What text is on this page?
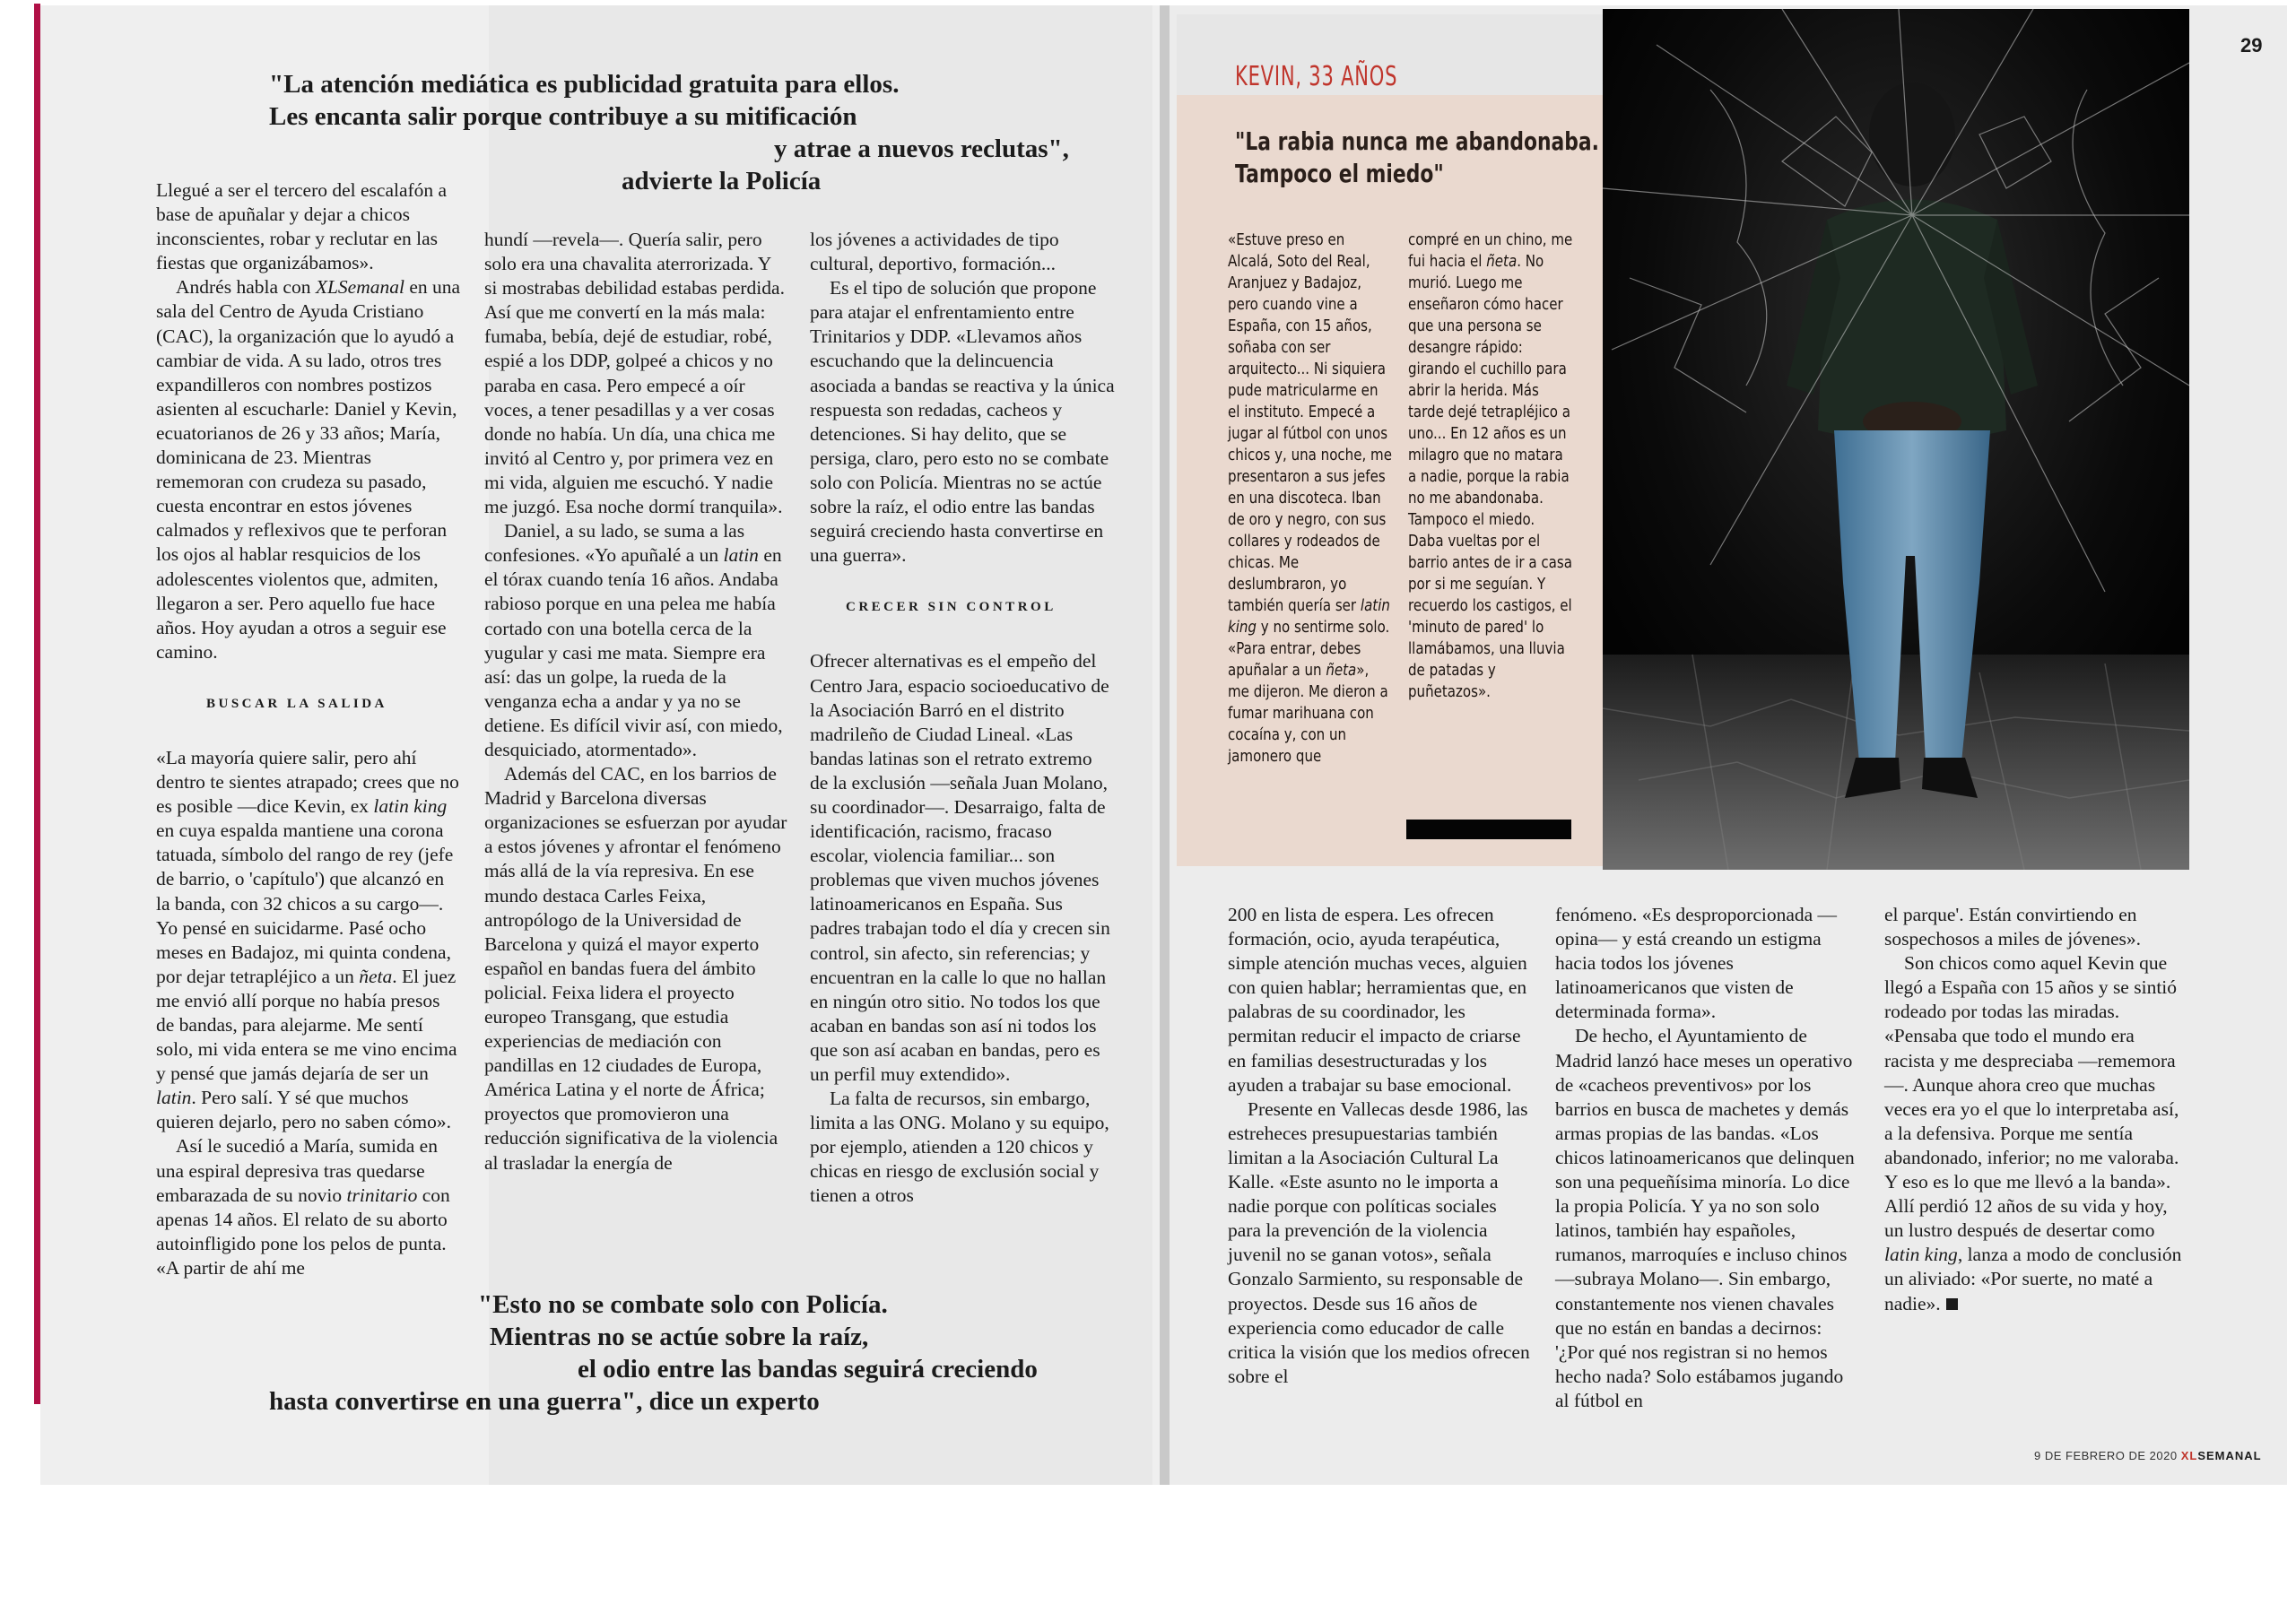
"La atención mediática es publicidad gratuita para ellos.
Les encanta salir porque contribuye a su mitificación
y atrae a nuevos reclutas",
advierte la Policía

Llegué a ser el tercero del escalafón a base de apuñalar y dejar a chicos inconscientes, robar y reclutar en las fiestas que organizábamos».

Andrés habla con XLSemanal en una sala del Centro de Ayuda Cristiano (CAC), la organización que lo ayudó a cambiar de vida. A su lado, otros tres expandilleros con nombres postizos asienten al escucharle: Daniel y Kevin, ecuatorianos de 26 y 33 años; María, dominicana de 23. Mientras rememoran con crudeza su pasado, cuesta encontrar en estos jóvenes calmados y reflexivos que te perforan los ojos al hablar resquicios de los adolescentes violentos que, admiten, llegaron a ser. Pero aquello fue hace años. Hoy ayudan a otros a seguir ese camino.

BUSCAR LA SALIDA

«La mayoría quiere salir, pero ahí dentro te sientes atrapado; crees que no es posible —dice Kevin, ex latin king en cuya espalda mantiene una corona tatuada, símbolo del rango de rey (jefe de barrio, o 'capítulo') que alcanzó en la banda, con 32 chicos a su cargo—. Yo pensé en suicidarme. Pasé ocho meses en Badajoz, mi quinta condena, por dejar tetrapléjico a un ñeta. El juez me envió allí porque no había presos de bandas, para alejarme. Me sentí solo, mi vida entera se me vino encima y pensé que jamás dejaría de ser un latin. Pero salí. Y sé que muchos quieren dejarlo, pero no saben cómo».

Así le sucedió a María, sumida en una espiral depresiva tras quedarse embarazada de su novio trinitario con apenas 14 años. El relato de su aborto autoinfligido pone los pelos de punta. «A partir de ahí me

hundí —revela—. Quería salir, pero solo era una chavalita aterrorizada. Y si mostrabas debilidad estabas perdida. Así que me convertí en la más mala: fumaba, bebía, dejé de estudiar, robé, espié a los DDP, golpeé a chicos y no paraba en casa. Pero empecé a oír voces, a tener pesadillas y a ver cosas donde no había. Un día, una chica me invitó al Centro y, por primera vez en mi vida, alguien me escuchó. Y nadie me juzgó. Esa noche dormí tranquila».

Daniel, a su lado, se suma a las confesiones. «Yo apuñalé a un latin en el tórax cuando tenía 16 años. Andaba rabioso porque en una pelea me había cortado con una botella cerca de la yugular y casi me mata. Siempre era así: das un golpe, la rueda de la venganza echa a andar y ya no se detiene. Es difícil vivir así, con miedo, desquiciado, atormentado».

Además del CAC, en los barrios de Madrid y Barcelona diversas organizaciones se esfuerzan por ayudar a estos jóvenes y afrontar el fenómeno más allá de la vía represiva. En ese mundo destaca Carles Feixa, antropólogo de la Universidad de Barcelona y quizá el mayor experto español en bandas fuera del ámbito policial. Feixa lidera el proyecto europeo Transgang, que estudia experiencias de mediación con pandillas en 12 ciudades de Europa, América Latina y el norte de África; proyectos que promovieron una reducción significativa de la violencia al trasladar la energía de

los jóvenes a actividades de tipo cultural, deportivo, formación...

Es el tipo de solución que propone para atajar el enfrentamiento entre Trinitarios y DDP. «Llevamos años escuchando que la delincuencia asociada a bandas se reactiva y la única respuesta son redadas, cacheos y detenciones. Si hay delito, que se persiga, claro, pero esto no se combate solo con Policía. Mientras no se actúe sobre la raíz, el odio entre las bandas seguirá creciendo hasta convertirse en una guerra».

CRECER SIN CONTROL

Ofrecer alternativas es el empeño del Centro Jara, espacio socioeducativo de la Asociación Barró en el distrito madrileño de Ciudad Lineal. «Las bandas latinas son el retrato extremo de la exclusión —señala Juan Molano, su coordinador—. Desarraigo, falta de identificación, racismo, fracaso escolar, violencia familiar... son problemas que viven muchos jóvenes latinoamericanos en España. Sus padres trabajan todo el día y crecen sin control, sin afecto, sin referencias; y encuentran en la calle lo que no hallan en ningún otro sitio. No todos los que acaban en bandas son así ni todos los que son así acaban en bandas, pero es un perfil muy extendido».

La falta de recursos, sin embargo, limita a las ONG. Molano y su equipo, por ejemplo, atienden a 120 chicos y chicas en riesgo de exclusión social y tienen a otros

"Esto no se combate solo con Policía.
Mientras no se actúe sobre la raíz,
el odio entre las bandas seguirá creciendo
hasta convertirse en una guerra", dice un experto
KEVIN, 33 AÑOS
"La rabia nunca me abandonaba.
Tampoco el miedo"

«Estuve preso en Alcalá, Soto del Real, Aranjuez y Badajoz, pero cuando vine a España, con 15 años, soñaba con ser arquitecto... Ni siquiera pude matricularme en el instituto. Empecé a jugar al fútbol con unos chicos y, una noche, me presentaron a sus jefes en una discoteca. Iban de oro y negro, con sus collares y rodeados de chicas. Me deslumbraron, yo también quería ser latin king y no sentirme solo. «Para entrar, debes apuñalar a un ñeta», me dijeron. Me dieron a fumar marihuana con cocaína y, con un jamonero que

compré en un chino, me fui hacia el ñeta. No murió. Luego me enseñaron cómo hacer que una persona se desangre rápido: girando el cuchillo para abrir la herida. Más tarde dejé tetrapléjico a uno... En 12 años es un milagro que no matara a nadie, porque la rabia no me abandonaba. Tampoco el miedo. Daba vueltas por el barrio antes de ir a casa por si me seguían. Y recuerdo los castigos, el 'minuto de pared' lo llamábamos, una lluvia de patadas y puñetazos».

29

200 en lista de espera. Les ofrecen formación, ocio, ayuda terapéutica, simple atención muchas veces, alguien con quien hablar; herramientas que, en palabras de su coordinador, les permitan reducir el impacto de criarse en familias desestructuradas y los ayuden a trabajar su base emocional.

Presente en Vallecas desde 1986, las estreheces presupuestarias también limitan a la Asociación Cultural La Kalle. «Este asunto no le importa a nadie porque con políticas sociales para la prevención de la violencia juvenil no se ganan votos», señala Gonzalo Sarmiento, su responsable de proyectos. Desde sus 16 años de experiencia como educador de calle critica la visión que los medios ofrecen sobre el

fenómeno. «Es desproporcionada —opina— y está creando un estigma hacia todos los jóvenes latinoamericanos que visten de determinada forma».

De hecho, el Ayuntamiento de Madrid lanzó hace meses un operativo de «cacheos preventivos» por los barrios en busca de machetes y demás armas propias de las bandas. «Los chicos latinoamericanos que delinquen son una pequeñísima minoría. Lo dice la propia Policía. Y ya no son solo latinos, también hay españoles, rumanos, marroquíes e incluso chinos —subraya Molano—. Sin embargo, constantemente nos vienen chavales que no están en bandas a decirnos: '¿Por qué nos registran si no hemos hecho nada? Solo estábamos jugando al fútbol en

el parque'. Están convirtiendo en sospechosos a miles de jóvenes».

Son chicos como aquel Kevin que llegó a España con 15 años y se sintió rodeado por todas las miradas. «Pensaba que todo el mundo era racista y me despreciaba —rememora—. Aunque ahora creo que muchas veces era yo el que lo interpretaba así, a la defensiva. Porque me sentía abandonado, inferior; no me valoraba. Y eso es lo que me llevó a la banda». Allí perdió 12 años de su vida y hoy, un lustro después de desertar como latin king, lanza a modo de conclusión un aliviado: «Por suerte, no maté a nadie».

9 DE FEBRERO DE 2020 XLSEMANAL
